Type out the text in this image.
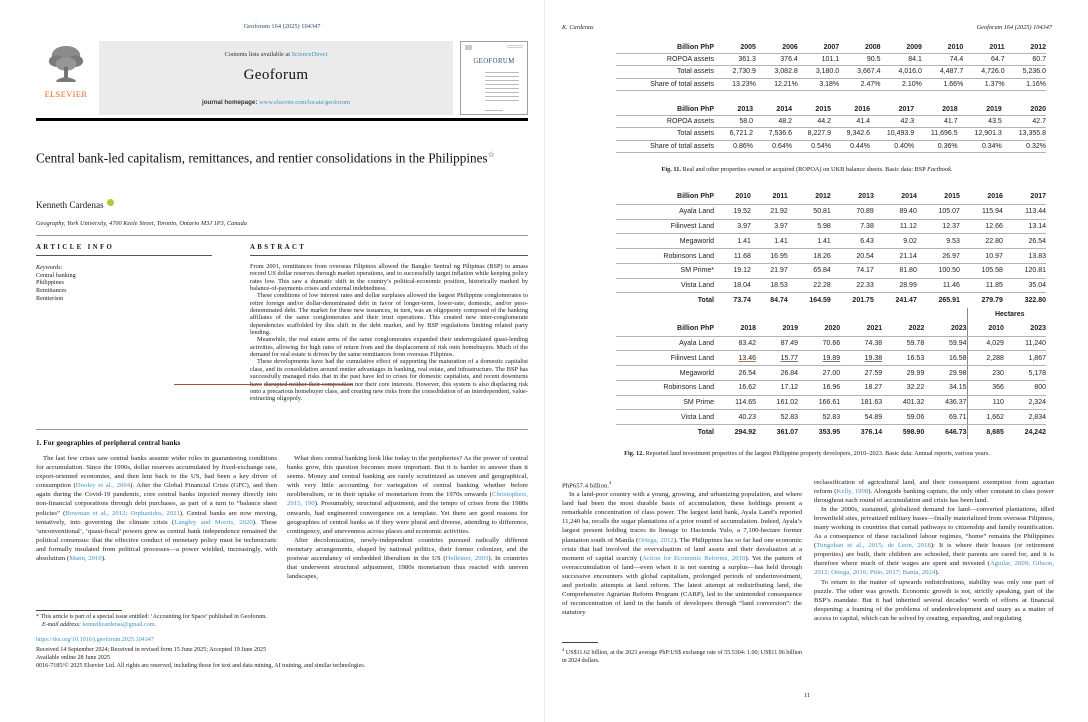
Geoforum 164 (2025) 104347
Contents lists available at ScienceDirect
Geoforum
journal homepage: www.elsevier.com/locate/geoforum
ELSEVIER
GEOFORUM
Central bank-led capitalism, remittances, and rentier consolidations in the Philippines☆
Kenneth Cardenas
Geography, York University, 4700 Keele Street, Toronto, Ontario M3J 1P3, Canada
ARTICLE INFO
Keywords:
Central banking
Philippines
Remittances
Rentierism
ABSTRACT

From 2001, remittances from overseas Filipinos allowed the Bangko Sentral ng Pilipinas (BSP) to amass record US dollar reserves through market operations, and to successfully target inflation while keeping policy rates low. This saw a dramatic shift in the country’s political-economic position, historically marked by balance-of-payments crises and external indebtedness.

These conditions of low interest rates and dollar surpluses allowed the largest Philippine conglomerates to retire foreign and/or dollar-denominated debt in favor of longer-term, lower-rate, domestic, and/or peso-denominated debt. The market for these new issuances, in turn, was an oligopsony composed of the banking affiliates of the same conglomerates and their trust operations. This created new inter-conglomerate dependencies scaffolded by this shift in the debt market, and by BSP regulations limiting related party lending.

Meanwhile, the real estate arms of the same conglomerates expanded their underregulated quasi-lending activities, allowing for high rates of return from and the displacement of risk onto homebuyers. Much of the demand for real estate is driven by the same remittances from overseas Filipinos.

These developments have had the cumulative effect of supporting the maturation of a domestic capitalist class, and its consolidation around rentier advantages in banking, real estate, and infrastructure. The BSP has successfully managed risks that in the past have led to crises for domestic capitalists, and recent downturns have disrupted neither their composition nor their core interests. However, this system is also displacing risk onto a precarious homebuyer class, and creating new risks from the consolidation of an interdependent, value-extracting oligopoly.

1. For geographies of peripheral central banks

The last few crises saw central banks assume wider roles in guaranteeing conditions for accumulation. Since the 1990s, dollar reserves accumulated by fixed-exchange rate, export-oriented economies, and then lent back to the US, had been a key driver of consumption (Dooley et al., 2004). After the Global Financial Crisis (GFC), and then again during the Covid-19 pandemic, core central banks injected money directly into non-financial corporations through debt purchases, as part of a turn to “balance sheet policies” (Bowman et al., 2012; Orphanides, 2021). Central banks are now moving, tentatively, into governing the climate crisis (Langley and Morris, 2020). These ‘unconventional’, ‘quasi-fiscal’ powers grew as central bank independence remained the political consensus: that the effective conduct of monetary policy must be technocratic and formally insulated from political processes—a power wielded, increasingly, with absolutism (Mann, 2010).

What does central banking look like today in the peripheries? As the power of central banks grow, this question becomes more important. But it is harder to answer than it seems. Money and central banking are rarely scrutinized as uneven and geographical, with very little accounting for variegation of central banking whether before neoliberalism, or in their uptake of monetarism from the 1970s onwards (Christophers, 2015, 190). Presumably, structural adjustment, and the tempo of crises from the 1980s onwards, had engineered convergence on a template. Yet there are good reasons for geographies of central banks as if they were plural and diverse, attending to difference, contingency, and unevenness across places and economic activities.

After decolonization, newly-independent countries pursued radically different monetary arrangements, shaped by national politics, their former colonizer, and the postwar ascendancy of embedded liberalism in the US (Helleiner, 2003). In countries that underwent structural adjustment, 1980s monetarism thus reacted with uneven landscapes,

* This article is part of a special issue entitled: ‘Accounting for Space’ published in Geoforum.
E-mail address: kennethcardenas@gmail.com.
https://doi.org/10.1016/j.geoforum.2025.104347
Received 14 September 2024; Received in revised form 15 June 2025; Accepted 19 June 2025
Available online 28 June 2025
0016-7185/© 2025 Elsevier Ltd. All rights are reserved, including those for text and data mining, AI training, and similar technologies.
K. Cardenas	Geoforum 164 (2025) 104347
Billion PhP	2005	2006	2007	2008	2009	2010	2011	2012
ROPOA assets	361.3	376.4	101.1	90.5	84.1	74.4	64.7	60.7
Total assets	2,730.9	3,082.8	3,180.0	3,667.4	4,016.0	4,487.7	4,726.0	5,236.0
Share of total assets	13.23%	12.21%	3.18%	2.47%	2.10%	1.66%	1.37%	1.16%
Billion PhP	2013	2014	2015	2016	2017	2018	2019	2020
ROPOA assets	58.0	48.2	44.2	41.4	42.3	41.7	43.5	42.7
Total assets	6,721.2	7,536.6	8,227.9	9,342.6	10,493.9	11,696.5	12,901.3	13,355.8
Share of total assets	0.86%	0.64%	0.54%	0.44%	0.40%	0.36%	0.34%	0.32%
Fig. 11. Real and other properties owned or acquired (ROPOA) on UKB balance sheets. Basic data: BSP Factbook.
Billion PhP	2010	2011	2012	2013	2014	2015	2016	2017
Ayala Land	19.52	21.92	50.81	70.89	89.40	105.07	115.94	113.44
Filinvest Land	3.97	3.97	5.98	7.38	11.12	12.37	12.66	13.14
Megaworld	1.41	1.41	1.41	6.43	9.02	9.53	22.80	26.54
Robinsons Land	11.68	16.95	18.26	20.54	21.14	26.97	10.97	13.83
SM Prime*	19.12	21.97	65.84	74.17	81.80	100.50	105.58	120.81
Vista Land	18.04	18.53	22.28	22.33	28.99	11.46	11.85	35.04
Total	73.74	84.74	164.59	201.75	241.47	265.91	279.79	322.80
							Hectares	
Billion PhP	2018	2019	2020	2021	2022	2023	2010	2023
Ayala Land	83.42	87.49	70.66	74.38	59.78	59.94	4,029	11,240
Filinvest Land	13.46	15.77	19.89	19.38	16.53	16.58	2,288	1,867
Megaworld	26.54	26.84	27.00	27.59	29.99	29.98	230	5,178
Robinsons Land	16.62	17.12	16.96	18.27	32.22	34.15	366	800
SM Prime	114.65	161.02	166.61	181.63	401.32	436.37	110	2,324
Vista Land	40.23	52.83	52.83	54.89	59.06	69.71	1,662	2,834
Total	294.92	361.07	353.95	376.14	598.90	646.73	8,685	24,242
Fig. 12. Reported land investment properties of the largest Philippine property developers, 2010–2023. Basic data: Annual reports, various years.

PhP657.4 billion.$^4$

In a land-poor country with a young, growing, and urbanizing population, and where land had been the most durable basis of accumulation, these holdings present a remarkable concentration of class power. The largest land bank, Ayala Land’s reported 11,240 ha, recalls the sugar plantations of a prior round of accumulation. Indeed, Ayala’s largest present holding traces its lineage to Hacienda Yulo, a 7,100-hectare former plantation south of Manila (Ortega, 2012). The Philippines has so far had one economic crisis that had involved the overvaluation of land assets and their devaluation at a moment of capital scarcity (Action for Economic Reforms, 2010). Yet the pattern of overaccumulation of land—even when it is not earning a surplus—has held through successive encounters with global capitalism, prolonged periods of underinvestment, and periodic attempts at land reform. The latest attempt at redistributing land, the Comprehensive Agrarian Reform Program (CARP), led to the unintended consequence of reconcentration of land in the hands of developers through “land conversion”: the statutory

reclassification of agricultural land, and their consequent exemption from agrarian reform (Kelly, 1998). Alongside banking capture, the only other constant in class power throughout each round of accumulation and crisis has been land.

In the 2000s, sustained, globalized demand for land—converted plantations, idled brownfield sites, privatized military bases—finally materialized from overseas Filipinos, many working in countries that curtail pathways to citizenship and family reunification. As a consequence of these racialized labour regimes, “home” remains the Philippines (Tungohan et al., 2015; de Leon, 2018): It is where their houses (or retirement properties) are built, their children are schooled, their parents are cared for, and it is therefore where much of their wages are spent and invested (Aguilar, 2009; Gibson, 2012; Ortega, 2016; Pido, 2017; Banta, 2024).

To return to the matter of upwards redistributions, stability was only one part of puzzle. The other was growth. Economic growth is not, strictly speaking, part of the BSP’s mandate. But it had inherited several decades’ worth of efforts at financial deepening: a framing of the problems of underdevelopment and usury as a matter of access to capital, which can be solved by creating, expanding, and regulating

$^4$ US$11.62 billion, at the 2023 average PhP:US$ exchange rate of 55.5304: 1.00; US$11.96 billion in 2024 dollars.
11
